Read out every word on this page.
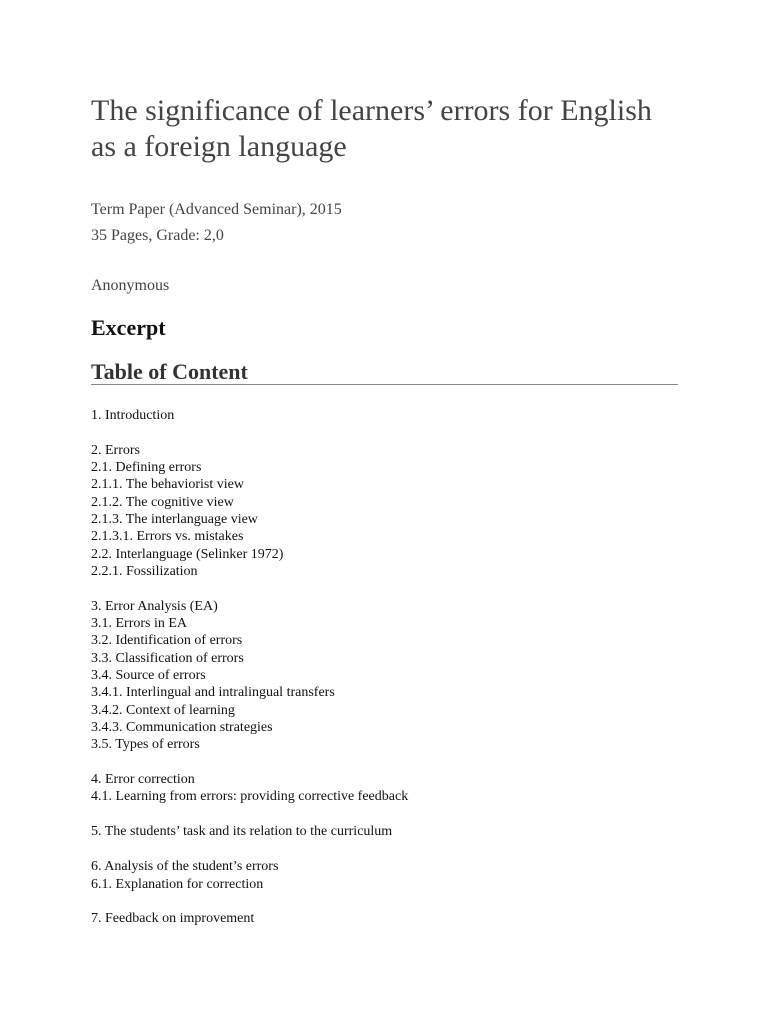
The significance of learners’ errors for English as a foreign language

Term Paper (Advanced Seminar), 2015

35 Pages, Grade: 2,0

Anonymous

Excerpt
Table of Content
1. Introduction
2. Errors
2.1. Defining errors
2.1.1. The behaviorist view
2.1.2. The cognitive view
2.1.3. The interlanguage view
2.1.3.1. Errors vs. mistakes
2.2. Interlanguage (Selinker 1972)
2.2.1. Fossilization
3. Error Analysis (EA)
3.1. Errors in EA
3.2. Identification of errors
3.3. Classification of errors
3.4. Source of errors
3.4.1. Interlingual and intralingual transfers
3.4.2. Context of learning
3.4.3. Communication strategies
3.5. Types of errors
4. Error correction
4.1. Learning from errors: providing corrective feedback
5. The students’ task and its relation to the curriculum
6. Analysis of the student’s errors
6.1. Explanation for correction
7. Feedback on improvement
